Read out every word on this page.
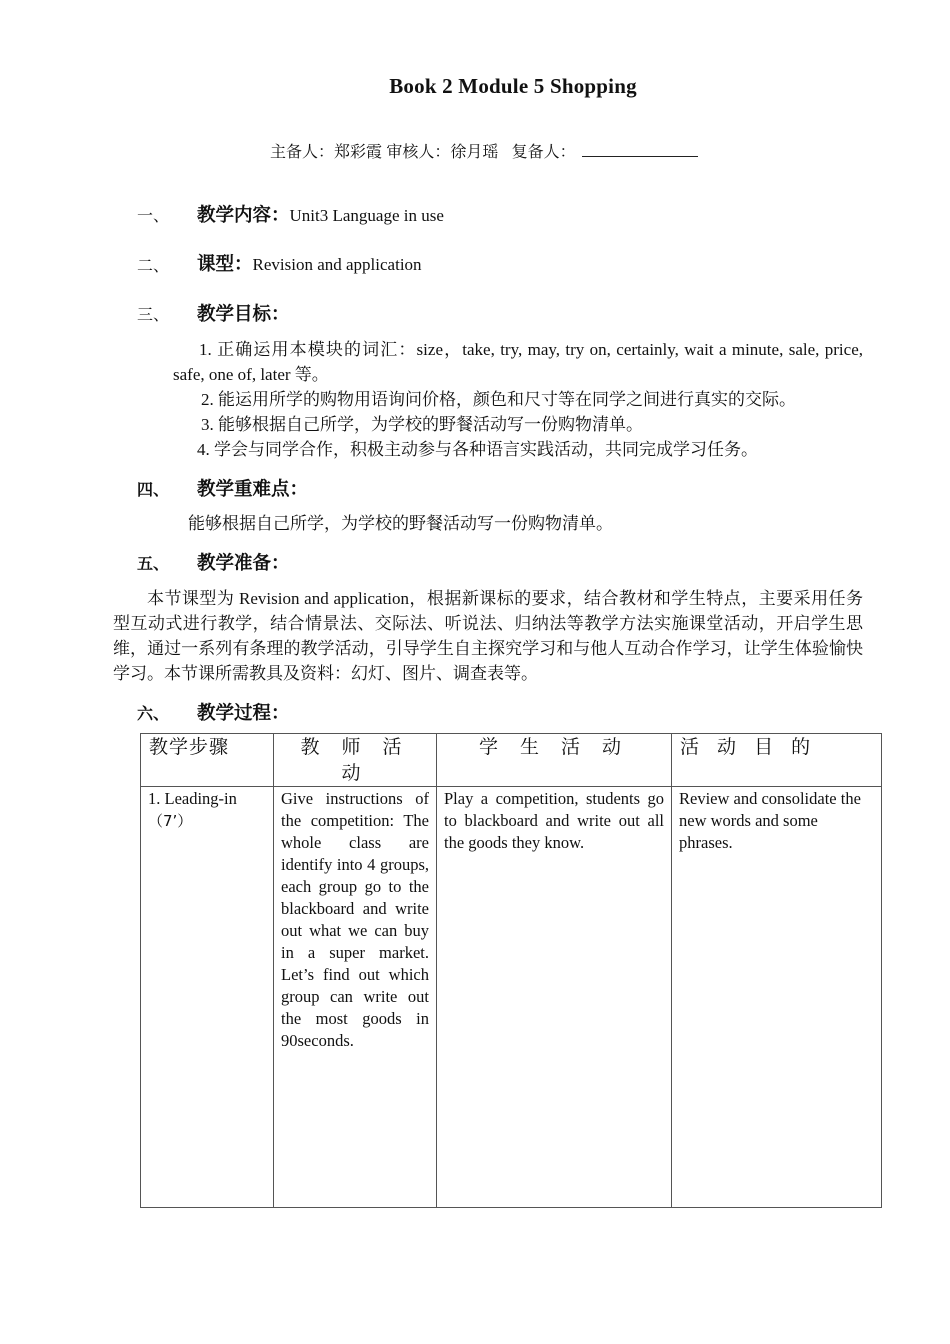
Book 2 Module 5 Shopping
主备人：郑彩霞 审核人：徐月瑶 复备人：
一、 教学内容：Unit3 Language in use
二、 课型：Revision and application
三、 教学目标：

1. 正确运用本模块的词汇：size，take, try, may, try on, certainly, wait a minute, sale, price, safe, one of, later 等。

2. 能运用所学的购物用语询问价格，颜色和尺寸等在同学之间进行真实的交际。

3. 能够根据自己所学，为学校的野餐活动写一份购物清单。

4. 学会与同学合作，积极主动参与各种语言实践活动，共同完成学习任务。

四、 教学重难点：
能够根据自己所学，为学校的野餐活动写一份购物清单。
五、 教学准备：
本节课型为 Revision and application，根据新课标的要求，结合教材和学生特点，主要采用任务型互动式进行教学，结合情景法、交际法、听说法、归纳法等教学方法实施课堂活动，开启学生思维，通过一系列有条理的教学活动，引导学生自主探究学习和与他人互动合作学习，让学生体验愉快学习。本节课所需教具及资料：幻灯、图片、调查表等。
六、 教学过程：
教学步骤	教 师 活 动	学 生 活 动	活 动 目 的

1. Leading-in
（7’）	Give instructions of the competition: The whole class are identify into 4 groups, each group go to the blackboard and write out what we can buy in a super market. Let’s find out which group can write out the most goods in 90seconds.	Play a competition, students go to blackboard and write out all the goods they know.	Review and consolidate the new words and some phrases.
